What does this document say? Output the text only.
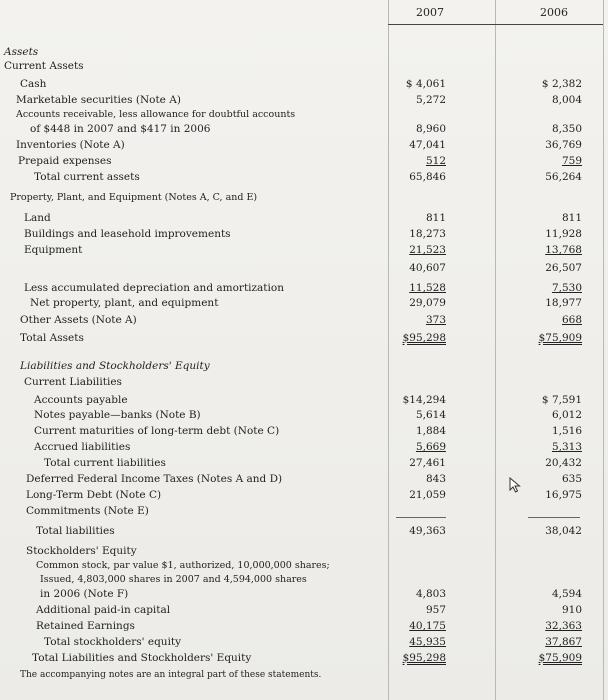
2007	2006
Assets
Current Assets
Cash	$ 4,061	$ 2,382
Marketable securities (Note A)	5,272	8,004
Accounts receivable, less allowance for doubtful accounts
of $448 in 2007 and $417 in 2006	8,960	8,350
Inventories (Note A)	47,041	36,769
Prepaid expenses	512	759
Total current assets	65,846	56,264
Property, Plant, and Equipment (Notes A, C, and E)
Land	811	811
Buildings and leasehold improvements	18,273	11,928
Equipment	21,523	13,768
40,607	26,507
Less accumulated depreciation and amortization	11,528	7,530
Net property, plant, and equipment	29,079	18,977
Other Assets (Note A)	373	668
Total Assets	$95,298	$75,909
Liabilities and Stockholders' Equity
Current Liabilities
Accounts payable	$14,294	$ 7,591
Notes payable—banks (Note B)	5,614	6,012
Current maturities of long-term debt (Note C)	1,884	1,516
Accrued liabilities	5,669	5,313
Total current liabilities	27,461	20,432
Deferred Federal Income Taxes (Notes A and D)	843	635
Long-Term Debt (Note C)	21,059	16,975
Commitments (Note E)
Total liabilities	49,363	38,042
Stockholders' Equity
Common stock, par value $1, authorized, 10,000,000 shares;
Issued, 4,803,000 shares in 2007 and 4,594,000 shares
in 2006 (Note F)	4,803	4,594
Additional paid-in capital	957	910
Retained Earnings	40,175	32,363
Total stockholders' equity	45,935	37,867
Total Liabilities and Stockholders' Equity	$95,298	$75,909
The accompanying notes are an integral part of these statements.
